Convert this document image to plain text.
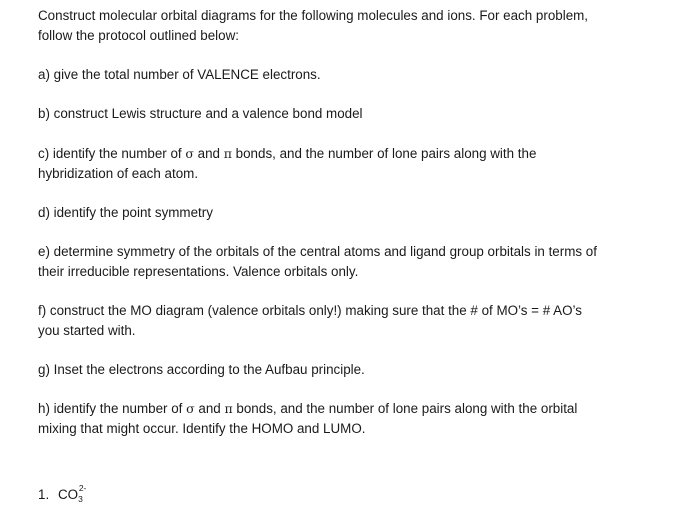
Construct molecular orbital diagrams for the following molecules and ions. For each problem,

follow the protocol outlined below:

a) give the total number of VALENCE electrons.

b) construct Lewis structure and a valence bond model

c) identify the number of σ and π bonds, and the number of lone pairs along with the

hybridization of each atom.

d) identify the point symmetry

e) determine symmetry of the orbitals of the central atoms and ligand group orbitals in terms of

their irreducible representations. Valence orbitals only.

f) construct the MO diagram (valence orbitals only!) making sure that the # of MO’s = # AO’s

you started with.

g) Inset the electrons according to the Aufbau principle.

h) identify the number of σ and π bonds, and the number of lone pairs along with the orbital

mixing that might occur. Identify the HOMO and LUMO.

1. $CO_3^{2-}$
